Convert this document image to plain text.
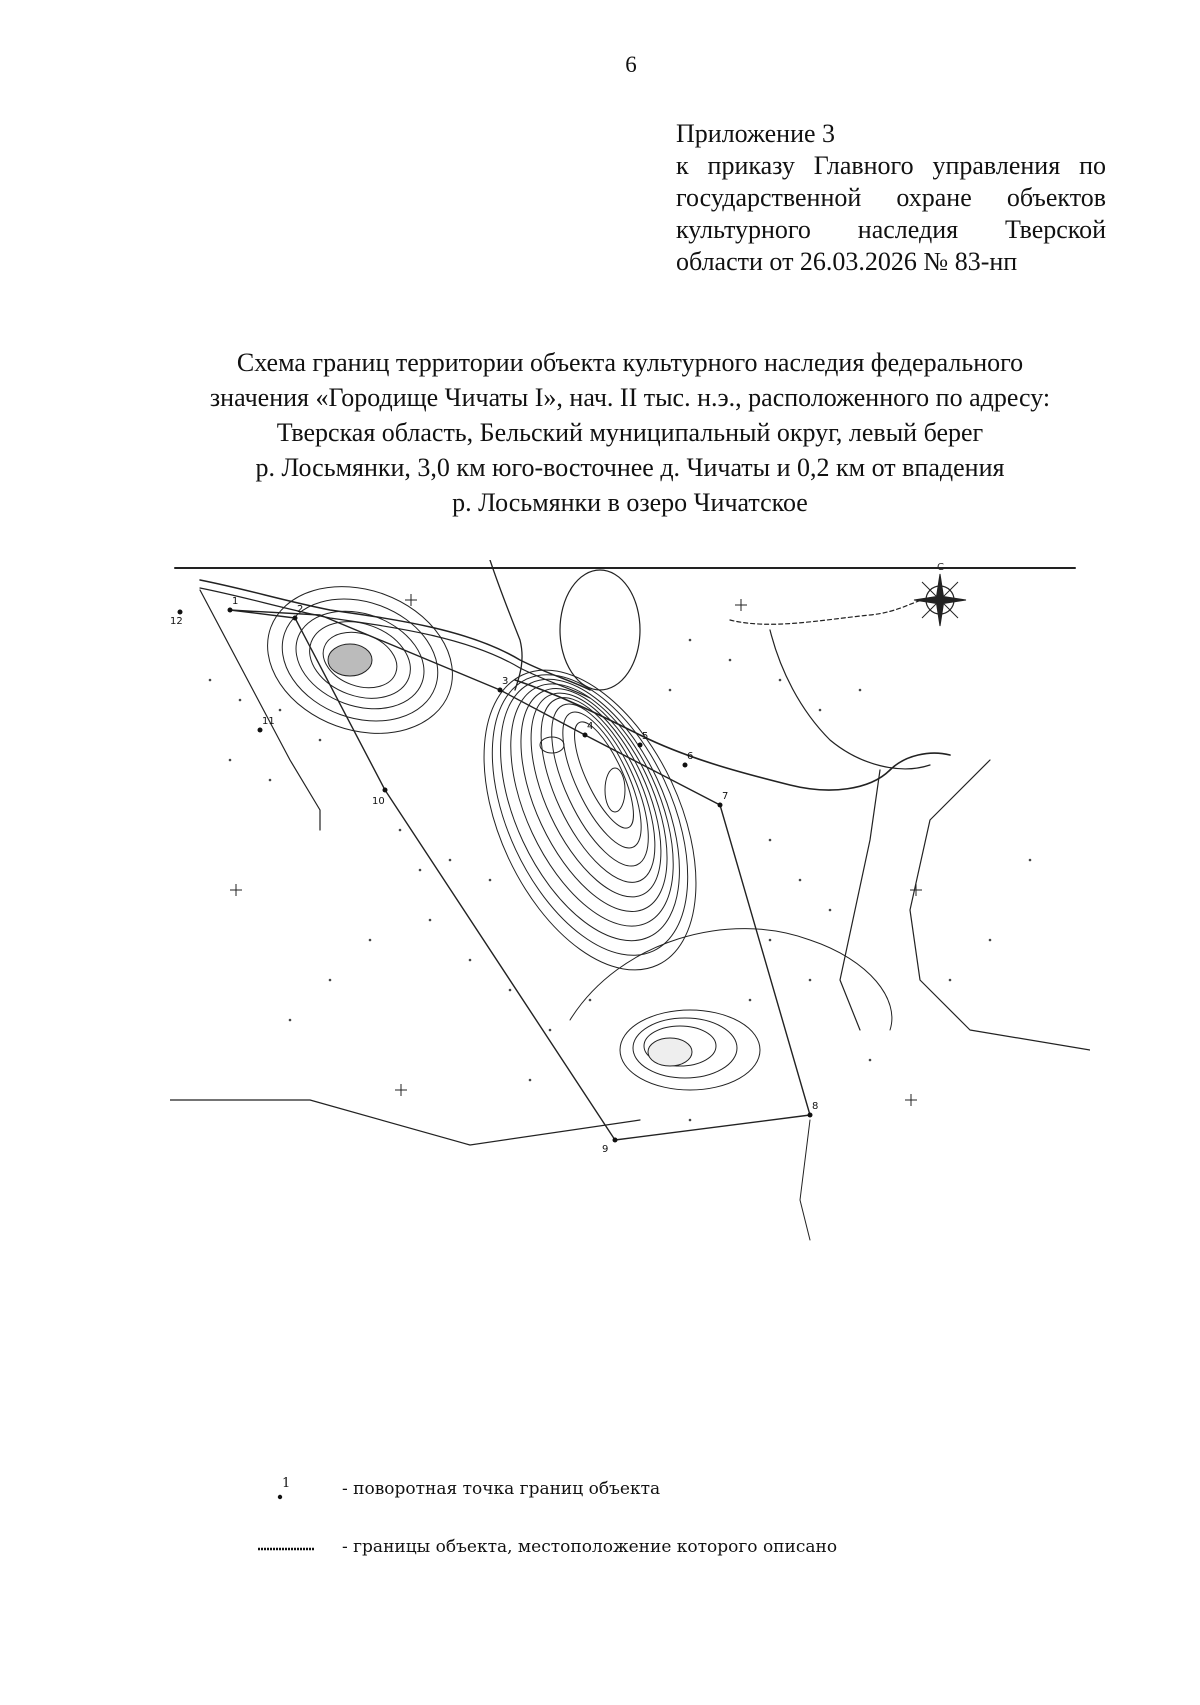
6
Приложение 3
к приказу Главного управления по
государственной охране объектов
культурного наследия Тверской
области от 26.03.2026 № 83-нп
Схема границ территории объекта культурного наследия федерального
значения «Городище Чичаты I», нач. II тыс. н.э., расположенного по адресу:
Тверская область, Бельский муниципальный округ, левый берег
р. Лосьмянки, 3,0 км юго-восточнее д. Чичаты и 0,2 км от впадения
р. Лосьмянки в озеро Чичатское
С
1
2
3
4
5
6
7
8
9
10
11
12
1	- поворотная точка границ объекта
- границы объекта, местоположение которого описано
